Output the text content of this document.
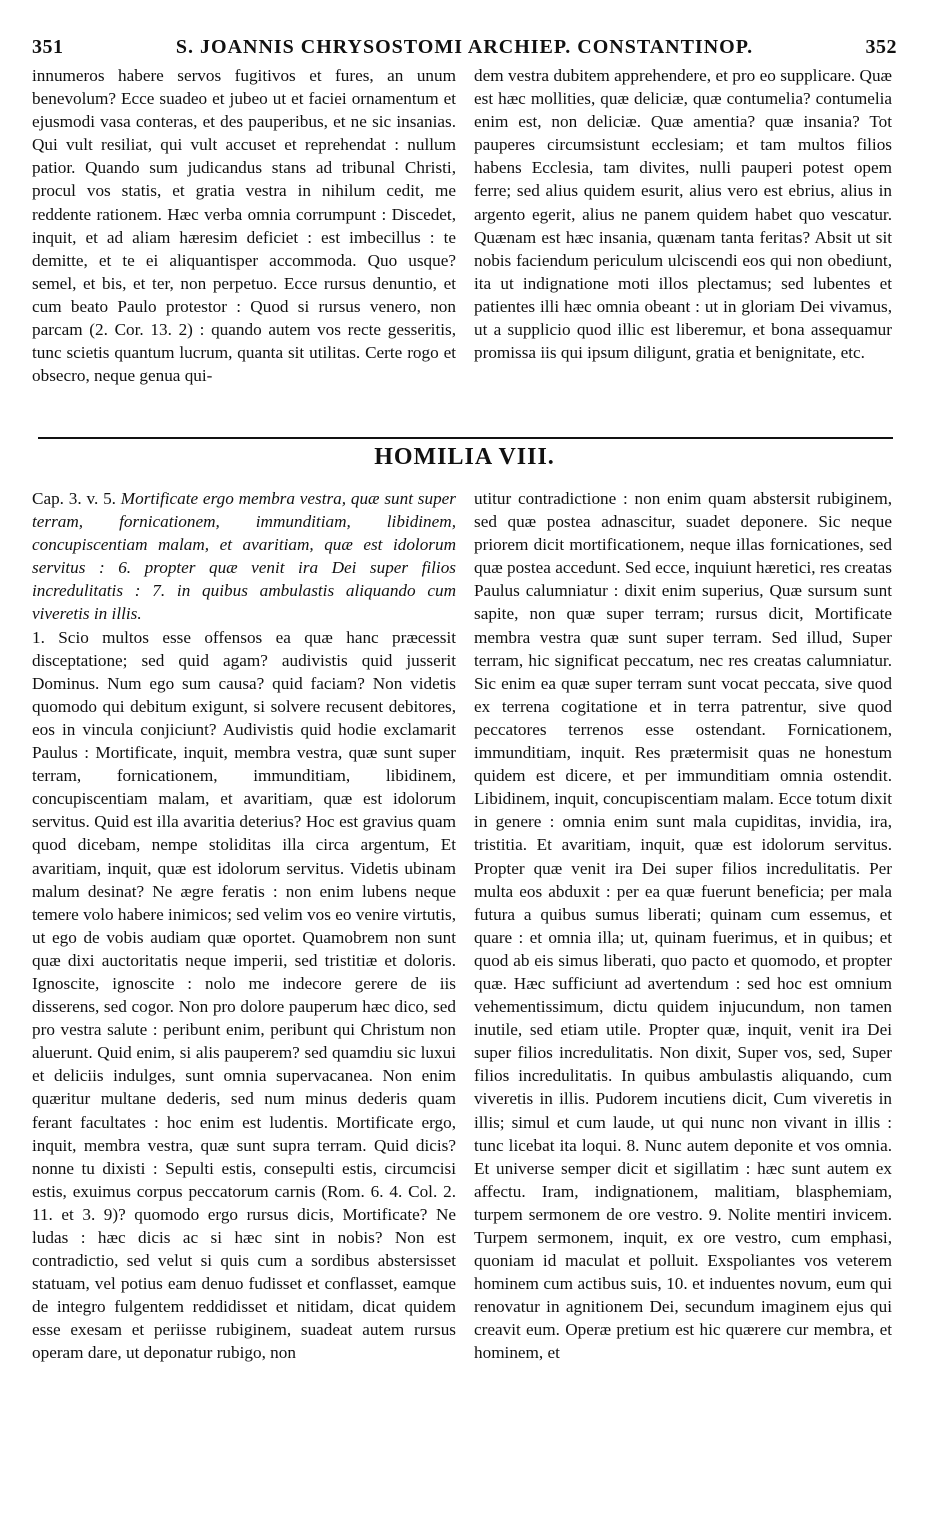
351	S. JOANNIS CHRYSOSTOMI ARCHIEP. CONSTANTINOP.	352

innumeros habere servos fugitivos et fures, an unum benevolum? Ecce suadeo et jubeo ut et faciei ornamentum et ejusmodi vasa conteras, et des pauperibus, et ne sic insanias. Qui vult resiliat, qui vult accuset et reprehendat : nullum patior. Quando sum judicandus stans ad tribunal Christi, procul vos statis, et gratia vestra in nihilum cedit, me reddente rationem. Hæc verba omnia corrumpunt : Discedet, inquit, et ad aliam hæresim deficiet : est imbecillus : te demitte, et te ei aliquantisper accommoda. Quo usque? semel, et bis, et ter, non perpetuo. Ecce rursus denuntio, et cum beato Paulo protestor : Quod si rursus venero, non parcam (2. Cor. 13. 2) : quando autem vos recte gesseritis, tunc scietis quantum lucrum, quanta sit utilitas. Certe rogo et obsecro, neque genua qui-

dem vestra dubitem apprehendere, et pro eo supplicare. Quæ est hæc mollities, quæ deliciæ, quæ contumelia? contumelia enim est, non deliciæ. Quæ amentia? quæ insania? Tot pauperes circumsistunt ecclesiam; et tam multos filios habens Ecclesia, tam divites, nulli pauperi potest opem ferre; sed alius quidem esurit, alius vero est ebrius, alius in argento egerit, alius ne panem quidem habet quo vescatur. Quænam est hæc insania, quænam tanta feritas? Absit ut sit nobis faciendum periculum ulciscendi eos qui non obediunt, ita ut indignatione moti illos plectamus; sed lubentes et patientes illi hæc omnia obeant : ut in gloriam Dei vivamus, ut a supplicio quod illic est liberemur, et bona assequamur promissa iis qui ipsum diligunt, gratia et benignitate, etc.

HOMILIA VIII.

Cap. 3. v. 5. Mortificate ergo membra vestra, quæ sunt super terram, fornicationem, immunditiam, libidinem, concupiscentiam malam, et avaritiam, quæ est idolorum servitus : 6. propter quæ venit ira Dei super filios incredulitatis : 7. in quibus ambulastis aliquando cum viveretis in illis.

1. Scio multos esse offensos ea quæ hanc præcessit disceptatione; sed quid agam? audivistis quid jusserit Dominus. Num ego sum causa? quid faciam? Non videtis quomodo qui debitum exigunt, si solvere recusent debitores, eos in vincula conjiciunt? Audivistis quid hodie exclamarit Paulus : Mortificate, inquit, membra vestra, quæ sunt super terram, fornicationem, immunditiam, libidinem, concupiscentiam malam, et avaritiam, quæ est idolorum servitus. Quid est illa avaritia deterius? Hoc est gravius quam quod dicebam, nempe stoliditas illa circa argentum, Et avaritiam, inquit, quæ est idolorum servitus. Videtis ubinam malum desinat? Ne ægre feratis : non enim lubens neque temere volo habere inimicos; sed velim vos eo venire virtutis, ut ego de vobis audiam quæ oportet. Quamobrem non sunt quæ dixi auctoritatis neque imperii, sed tristitiæ et doloris. Ignoscite, ignoscite : nolo me indecore gerere de iis disserens, sed cogor. Non pro dolore pauperum hæc dico, sed pro vestra salute : peribunt enim, peribunt qui Christum non aluerunt. Quid enim, si alis pauperem? sed quamdiu sic luxui et deliciis indulges, sunt omnia supervacanea. Non enim quæritur multane dederis, sed num minus dederis quam ferant facultates : hoc enim est ludentis. Mortificate ergo, inquit, membra vestra, quæ sunt supra terram. Quid dicis? nonne tu dixisti : Sepulti estis, consepulti estis, circumcisi estis, exuimus corpus peccatorum carnis (Rom. 6. 4. Col. 2. 11. et 3. 9)? quomodo ergo rursus dicis, Mortificate? Ne ludas : hæc dicis ac si hæc sint in nobis? Non est contradictio, sed velut si quis cum a sordibus abstersisset statuam, vel potius eam denuo fudisset et conflasset, eamque de integro fulgentem reddidisset et nitidam, dicat quidem esse exesam et periisse rubiginem, suadeat autem rursus operam dare, ut deponatur rubigo, non

utitur contradictione : non enim quam abstersit rubiginem, sed quæ postea adnascitur, suadet deponere. Sic neque priorem dicit mortificationem, neque illas fornicationes, sed quæ postea accedunt. Sed ecce, inquiunt hæretici, res creatas Paulus calumniatur : dixit enim superius, Quæ sursum sunt sapite, non quæ super terram; rursus dicit, Mortificate membra vestra quæ sunt super terram. Sed illud, Super terram, hic significat peccatum, nec res creatas calumniatur. Sic enim ea quæ super terram sunt vocat peccata, sive quod ex terrena cogitatione et in terra patrentur, sive quod peccatores terrenos esse ostendant. Fornicationem, immunditiam, inquit. Res prætermisit quas ne honestum quidem est dicere, et per immunditiam omnia ostendit. Libidinem, inquit, concupiscentiam malam. Ecce totum dixit in genere : omnia enim sunt mala cupiditas, invidia, ira, tristitia. Et avaritiam, inquit, quæ est idolorum servitus. Propter quæ venit ira Dei super filios incredulitatis. Per multa eos abduxit : per ea quæ fuerunt beneficia; per mala futura a quibus sumus liberati; quinam cum essemus, et quare : et omnia illa; ut, quinam fuerimus, et in quibus; et quod ab eis simus liberati, quo pacto et quomodo, et propter quæ. Hæc sufficiunt ad avertendum : sed hoc est omnium vehementissimum, dictu quidem injucundum, non tamen inutile, sed etiam utile. Propter quæ, inquit, venit ira Dei super filios incredulitatis. Non dixit, Super vos, sed, Super filios incredulitatis. In quibus ambulastis aliquando, cum viveretis in illis. Pudorem incutiens dicit, Cum viveretis in illis; simul et cum laude, ut qui nunc non vivant in illis : tunc licebat ita loqui. 8. Nunc autem deponite et vos omnia. Et universe semper dicit et sigillatim : hæc sunt autem ex affectu. Iram, indignationem, malitiam, blasphemiam, turpem sermonem de ore vestro. 9. Nolite mentiri invicem. Turpem sermonem, inquit, ex ore vestro, cum emphasi, quoniam id maculat et polluit. Exspoliantes vos veterem hominem cum actibus suis, 10. et induentes novum, eum qui renovatur in agnitionem Dei, secundum imaginem ejus qui creavit eum. Operæ pretium est hic quærere cur membra, et hominem, et
